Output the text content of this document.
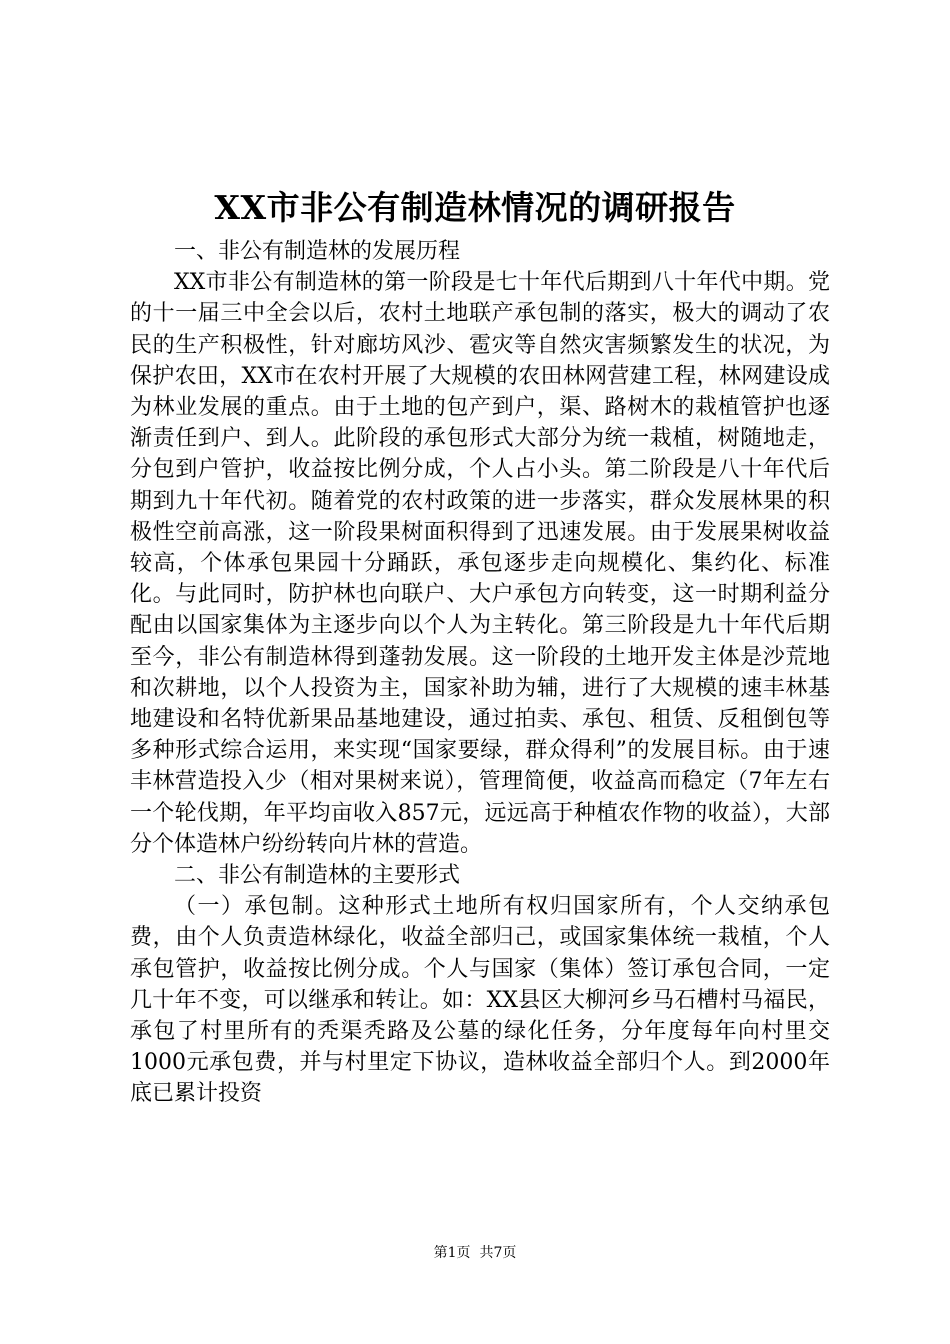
XX市非公有制造林情况的调研报告

一、非公有制造林的发展历程

XX市非公有制造林的第一阶段是七十年代后期到八十年代中期。党的十一届三中全会以后，农村土地联产承包制的落实，极大的调动了农民的生产积极性，针对廊坊风沙、雹灾等自然灾害频繁发生的状况，为保护农田，XX市在农村开展了大规模的农田林网营建工程，林网建设成为林业发展的重点。由于土地的包产到户，渠、路树木的栽植管护也逐渐责任到户、到人。此阶段的承包形式大部分为统一栽植，树随地走，分包到户管护，收益按比例分成，个人占小头。第二阶段是八十年代后期到九十年代初。随着党的农村政策的进一步落实，群众发展林果的积极性空前高涨，这一阶段果树面积得到了迅速发展。由于发展果树收益较高，个体承包果园十分踊跃，承包逐步走向规模化、集约化、标准化。与此同时，防护林也向联户、大户承包方向转变，这一时期利益分配由以国家集体为主逐步向以个人为主转化。第三阶段是九十年代后期至今，非公有制造林得到蓬勃发展。这一阶段的土地开发主体是沙荒地和次耕地，以个人投资为主，国家补助为辅，进行了大规模的速丰林基地建设和名特优新果品基地建设，通过拍卖、承包、租赁、反租倒包等多种形式综合运用，来实现“国家要绿，群众得利”的发展目标。由于速丰林营造投入少（相对果树来说），管理简便，收益高而稳定（7年左右一个轮伐期，年平均亩收入857元，远远高于种植农作物的收益），大部分个体造林户纷纷转向片林的营造。

二、非公有制造林的主要形式

（一）承包制。这种形式土地所有权归国家所有，个人交纳承包费，由个人负责造林绿化，收益全部归己，或国家集体统一栽植，个人承包管护，收益按比例分成。个人与国家（集体）签订承包合同，一定几十年不变，可以继承和转让。如：XX县区大柳河乡马石槽村马福民，承包了村里所有的秃渠秃路及公墓的绿化任务，分年度每年向村里交1000元承包费，并与村里定下协议，造林收益全部归个人。到2000年底已累计投资

第1页  共7页
